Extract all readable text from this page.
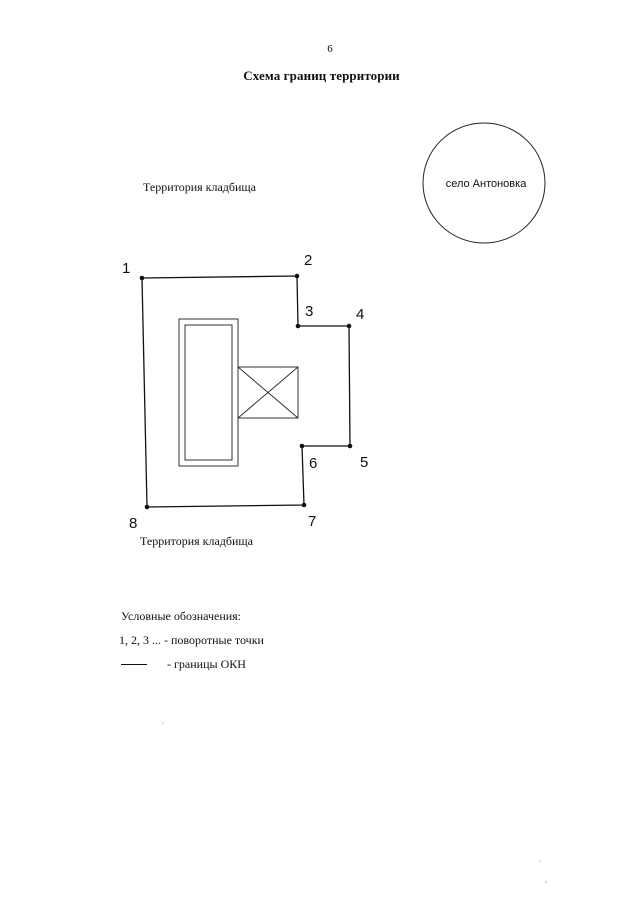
6
Схема границ территории
Территория кладбища	село Антоновка
1	2
3	4
5
6
7
8
Территория кладбища
Условные обозначения:
1, 2, 3 ... - поворотные точки
- границы ОКН
